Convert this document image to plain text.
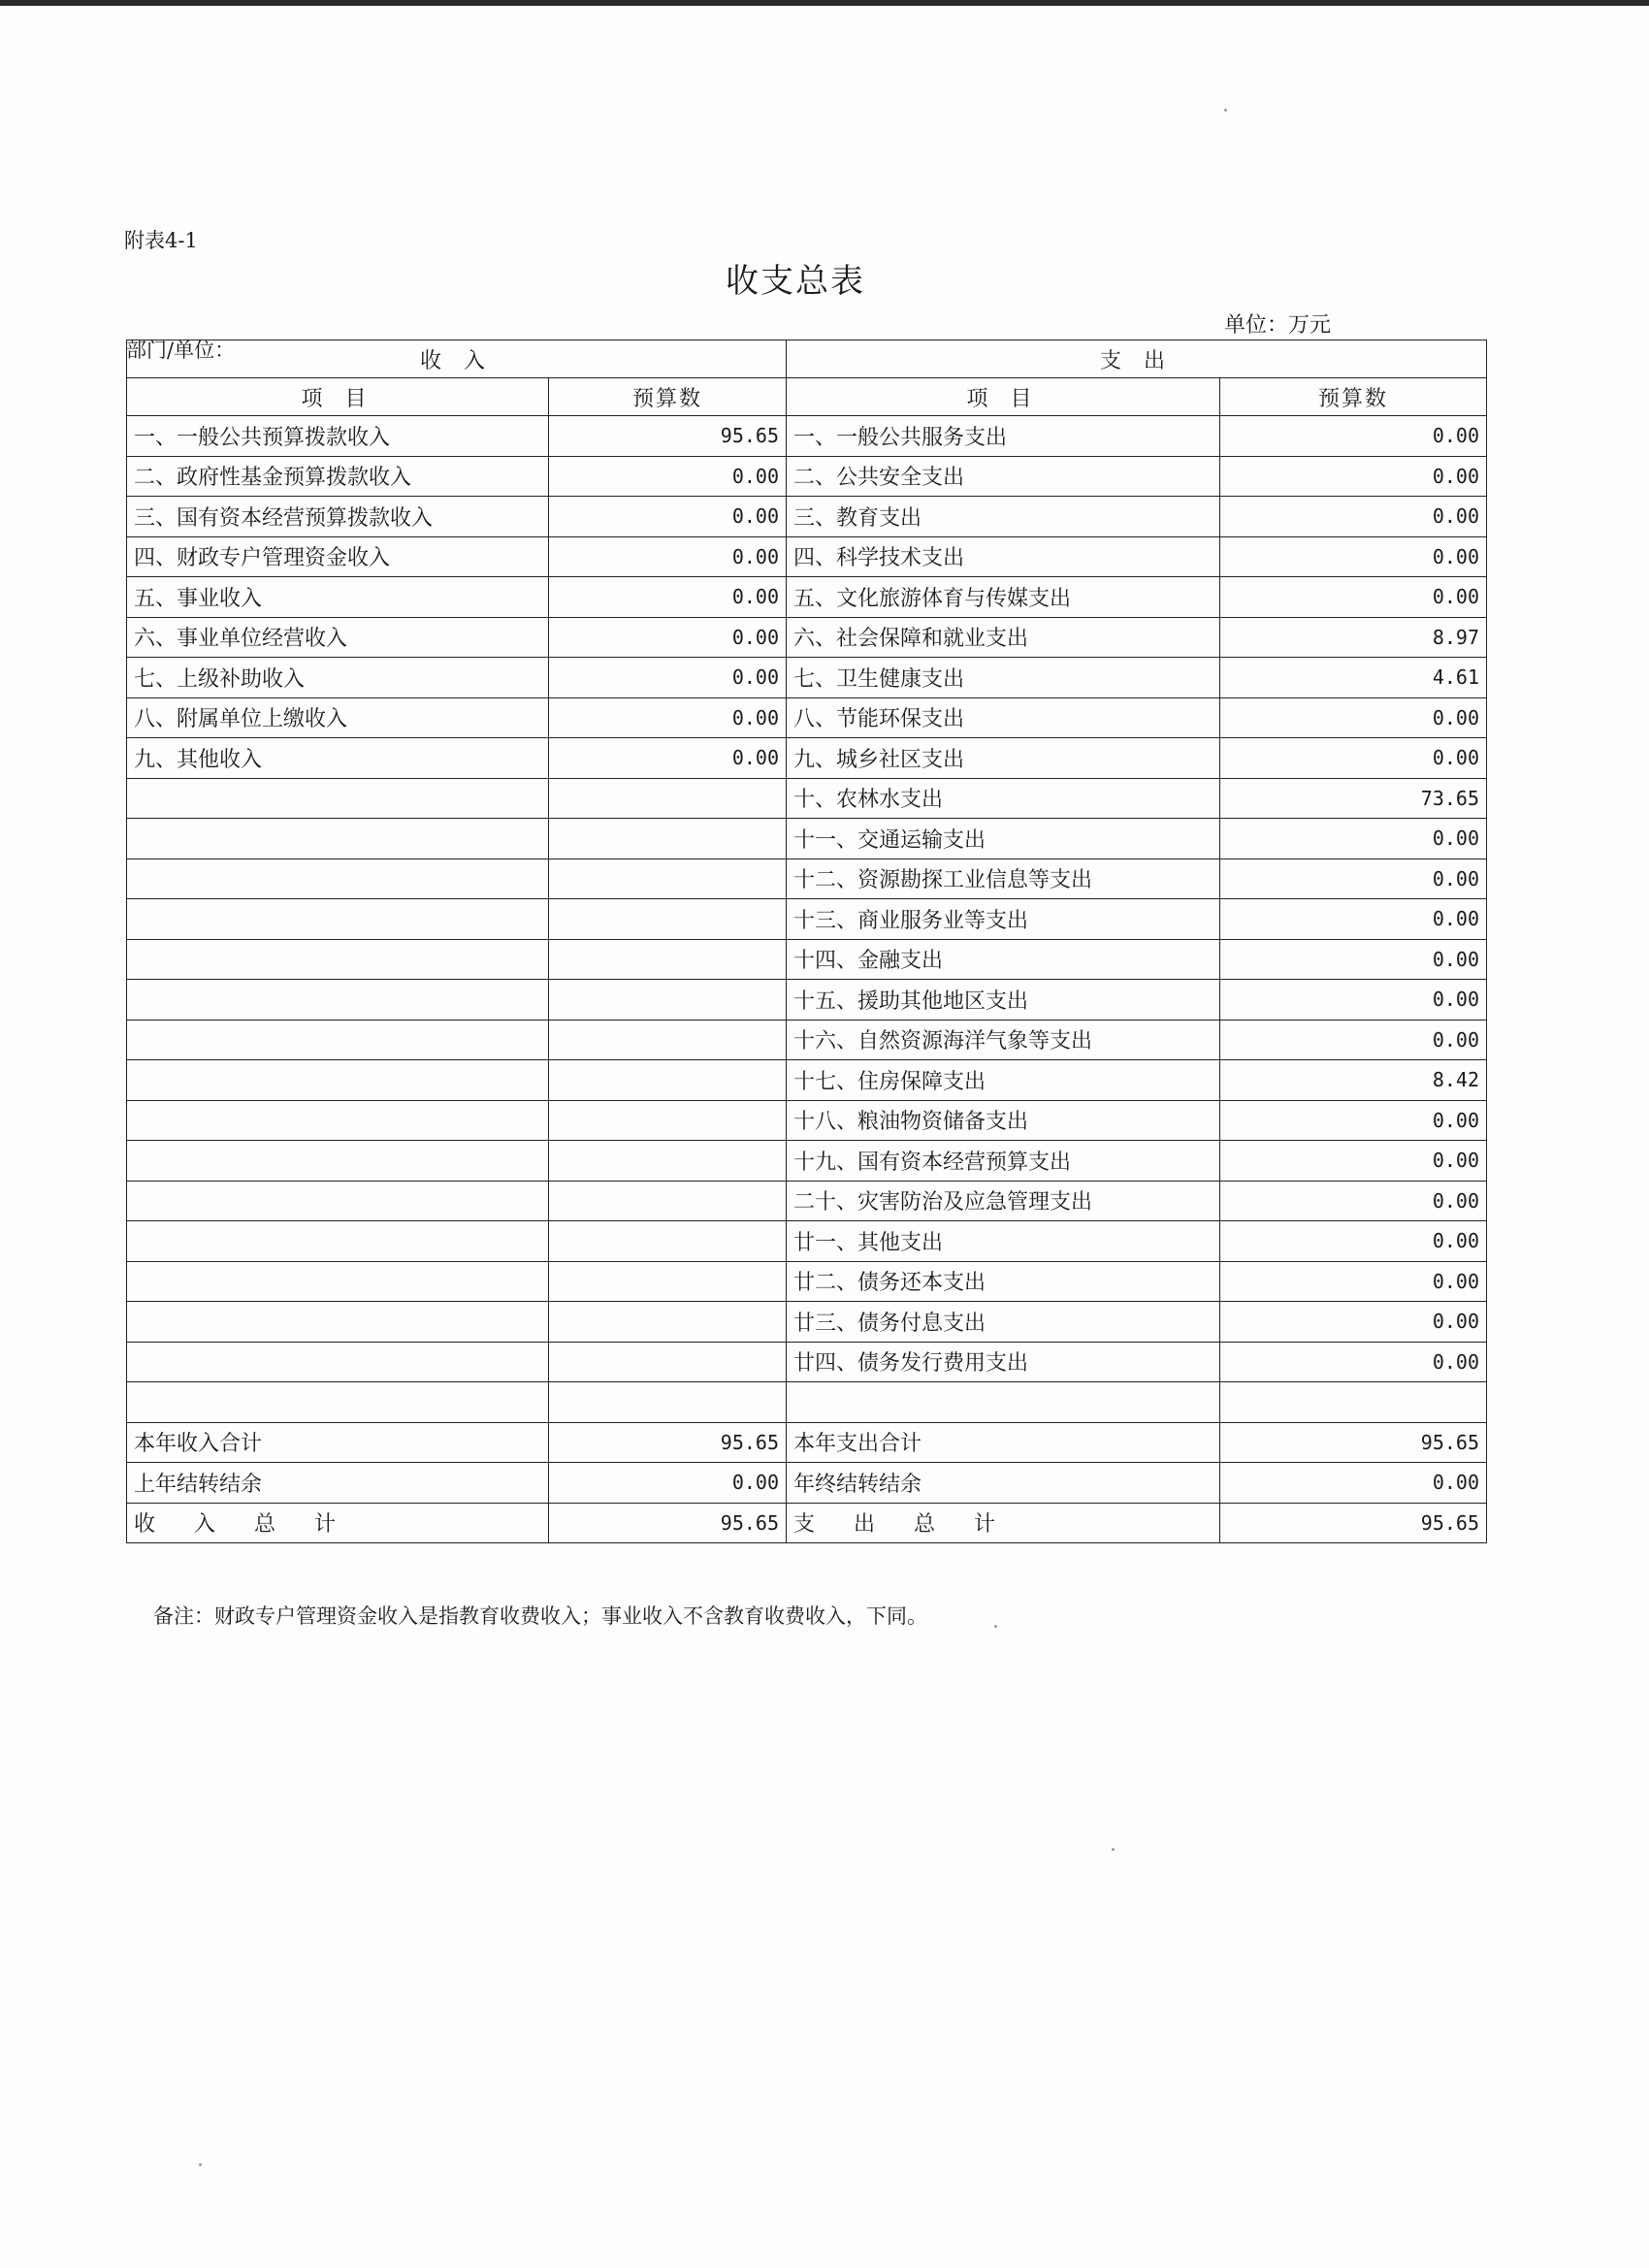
附表4-1
收支总表
单位：万元
部门/单位：	收 入		支 出	
项 目	预算数	项 目	预算数
一、一般公共预算拨款收入	95.65	一、一般公共服务支出	0.00
二、政府性基金预算拨款收入	0.00	二、公共安全支出	0.00
三、国有资本经营预算拨款收入	0.00	三、教育支出	0.00
四、财政专户管理资金收入	0.00	四、科学技术支出	0.00
五、事业收入	0.00	五、文化旅游体育与传媒支出	0.00
六、事业单位经营收入	0.00	六、社会保障和就业支出	8.97
七、上级补助收入	0.00	七、卫生健康支出	4.61
八、附属单位上缴收入	0.00	八、节能环保支出	0.00
九、其他收入	0.00	九、城乡社区支出	0.00
		十、农林水支出	73.65
		十一、交通运输支出	0.00
		十二、资源勘探工业信息等支出	0.00
		十三、商业服务业等支出	0.00
		十四、金融支出	0.00
		十五、援助其他地区支出	0.00
		十六、自然资源海洋气象等支出	0.00
		十七、住房保障支出	8.42
		十八、粮油物资储备支出	0.00
		十九、国有资本经营预算支出	0.00
		二十、灾害防治及应急管理支出	0.00
		廿一、其他支出	0.00
		廿二、债务还本支出	0.00
		廿三、债务付息支出	0.00
		廿四、债务发行费用支出	0.00

本年收入合计	95.65	本年支出合计	95.65
上年结转结余	0.00	年终结转结余	0.00
收入总计	95.65	支出总计	95.65
备注：财政专户管理资金收入是指教育收费收入；事业收入不含教育收费收入，下同。
